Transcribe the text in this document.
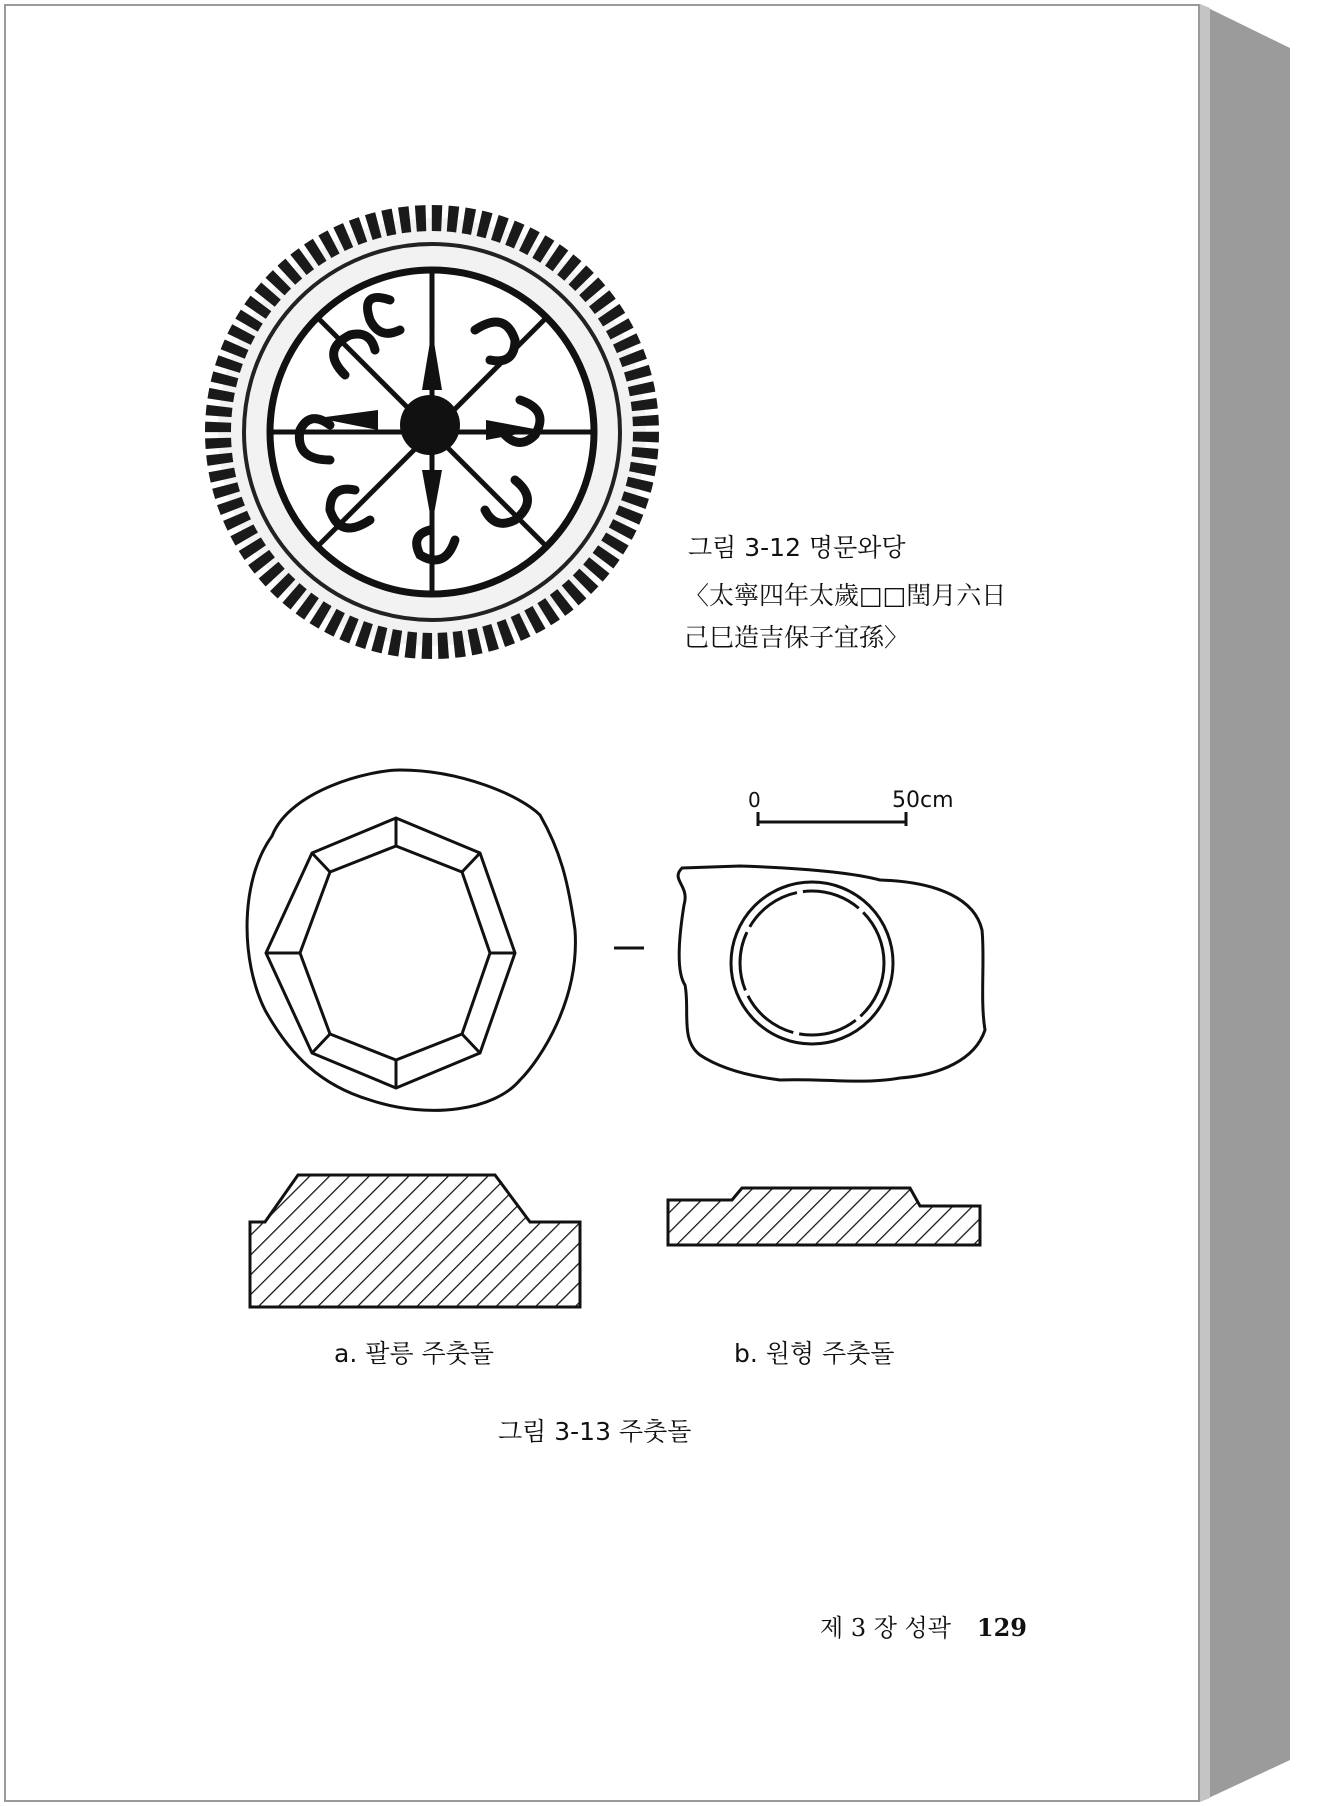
그림 3-12 명문와당
〈太寧四年太歲□□閏月六日
己巳造吉保子宜孫〉
0	50cm
a. 팔릉 주춧돌	b. 원형 주춧돌
그림 3-13 주춧돌
제 3 장 성곽 129
